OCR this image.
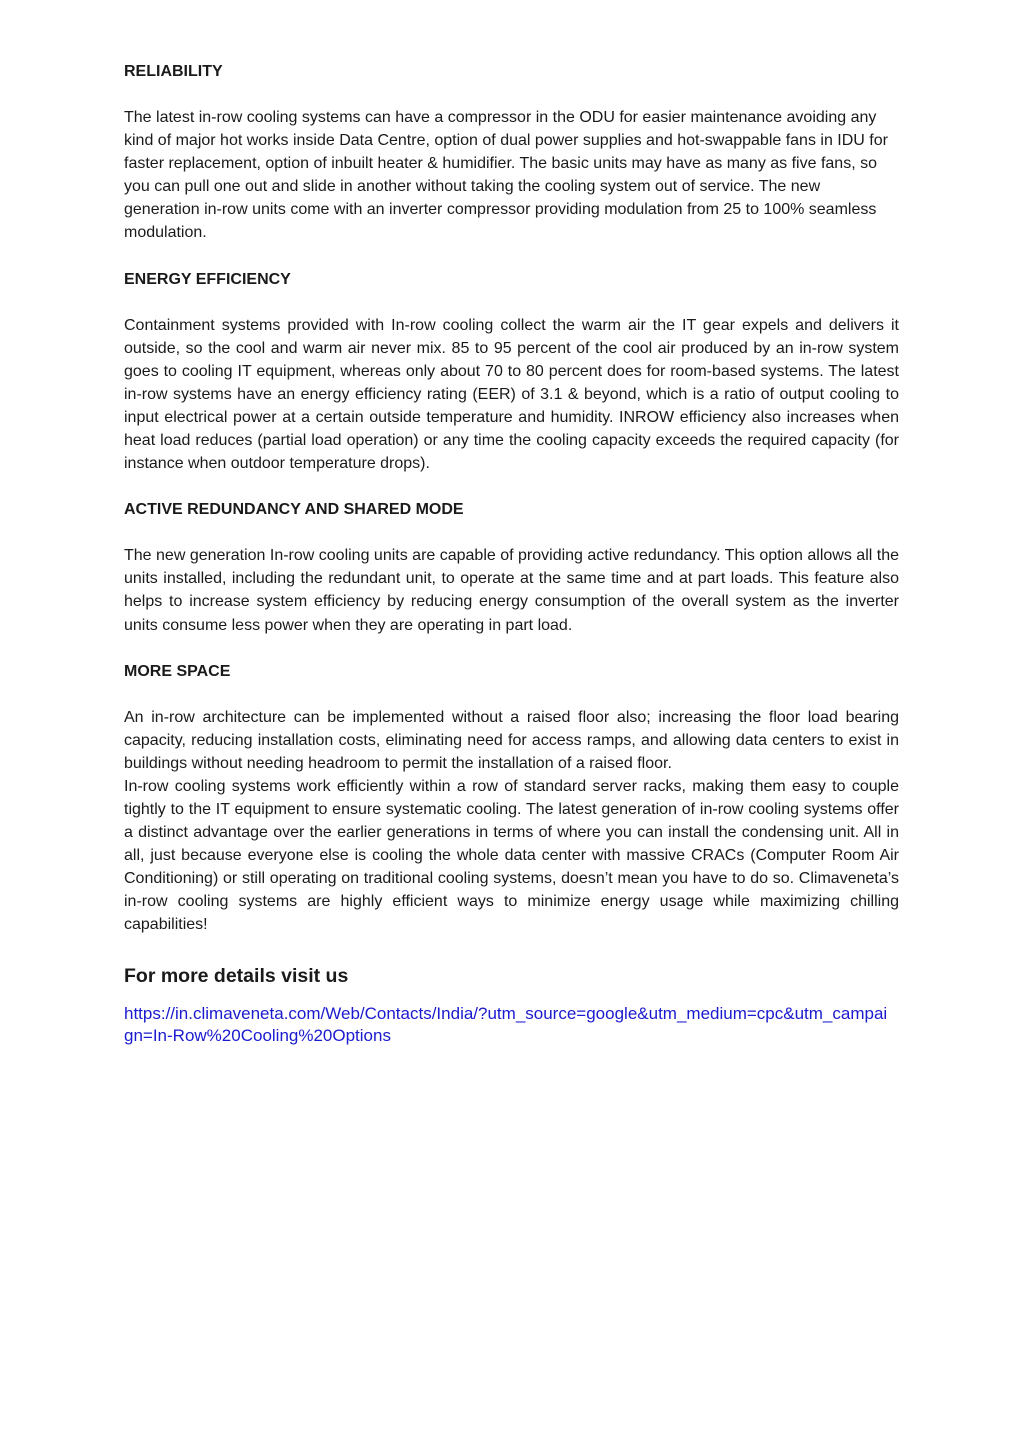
RELIABILITY

The latest in-row cooling systems can have a compressor in the ODU for easier maintenance avoiding any kind of major hot works inside Data Centre, option of dual power supplies and hot-swappable fans in IDU for faster replacement, option of inbuilt heater & humidifier. The basic units may have as many as five fans, so you can pull one out and slide in another without taking the cooling system out of service. The new generation in-row units come with an inverter compressor providing modulation from 25 to 100% seamless modulation.

ENERGY EFFICIENCY

Containment systems provided with In-row cooling collect the warm air the IT gear expels and delivers it outside, so the cool and warm air never mix. 85 to 95 percent of the cool air produced by an in-row system goes to cooling IT equipment, whereas only about 70 to 80 percent does for room-based systems. The latest in-row systems have an energy efficiency rating (EER) of 3.1 & beyond, which is a ratio of output cooling to input electrical power at a certain outside temperature and humidity. INROW efficiency also increases when heat load reduces (partial load operation) or any time the cooling capacity exceeds the required capacity (for instance when outdoor temperature drops).

ACTIVE REDUNDANCY AND SHARED MODE

The new generation In-row cooling units are capable of providing active redundancy. This option allows all the units installed, including the redundant unit, to operate at the same time and at part loads. This feature also helps to increase system efficiency by reducing energy consumption of the overall system as the inverter units consume less power when they are operating in part load.

MORE SPACE

An in-row architecture can be implemented without a raised floor also; increasing the floor load bearing capacity, reducing installation costs, eliminating need for access ramps, and allowing data centers to exist in buildings without needing headroom to permit the installation of a raised floor.

In-row cooling systems work efficiently within a row of standard server racks, making them easy to couple tightly to the IT equipment to ensure systematic cooling. The latest generation of in-row cooling systems offer a distinct advantage over the earlier generations in terms of where you can install the condensing unit. All in all, just because everyone else is cooling the whole data center with massive CRACs (Computer Room Air Conditioning) or still operating on traditional cooling systems, doesn’t mean you have to do so. Climaveneta’s in-row cooling systems are highly efficient ways to minimize energy usage while maximizing chilling capabilities!

For more details visit us

https://in.climaveneta.com/Web/Contacts/India/?utm_source=google&utm_medium=cpc&utm_campaign=In-Row%20Cooling%20Options
